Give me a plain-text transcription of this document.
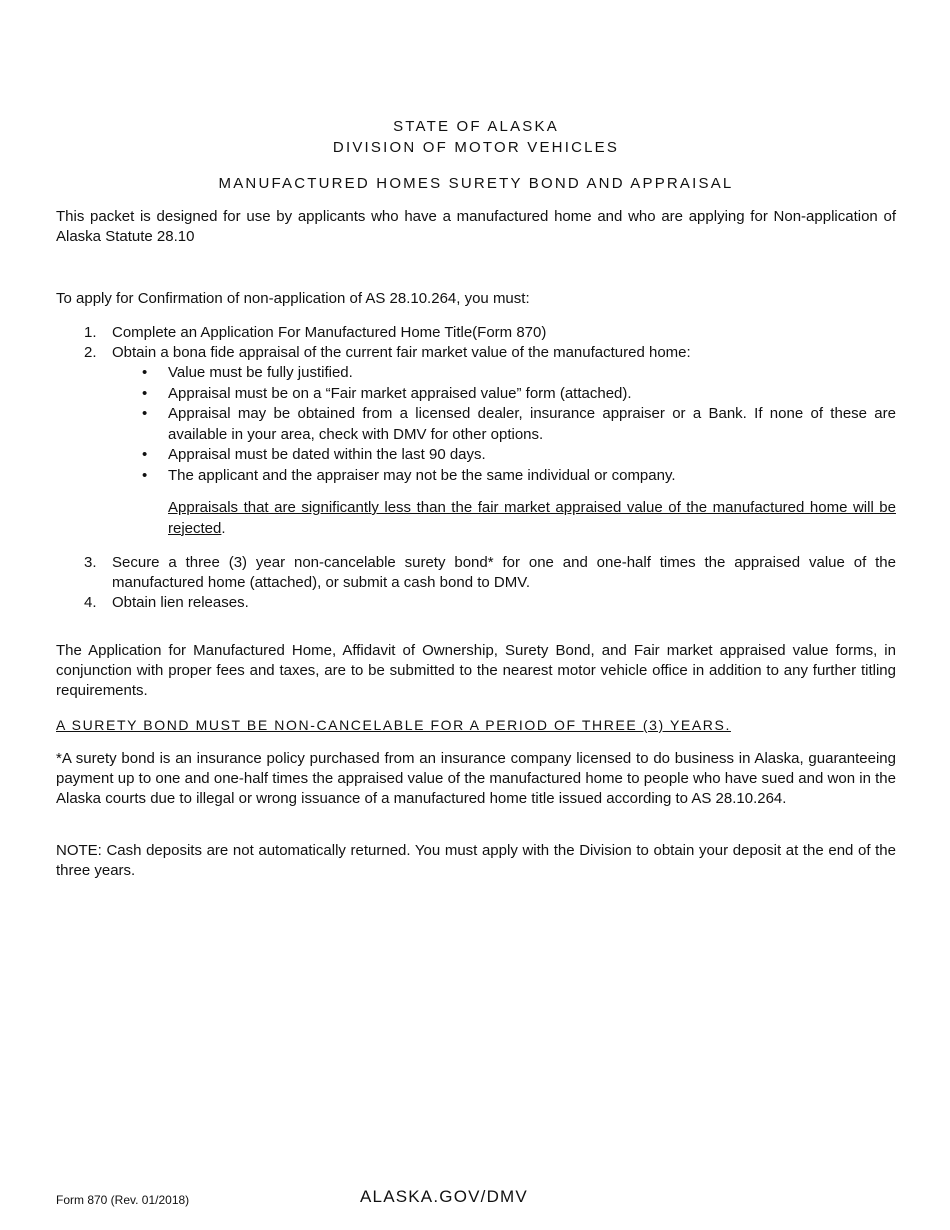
STATE OF ALASKA
DIVISION OF MOTOR VEHICLES
MANUFACTURED HOMES SURETY BOND AND APPRAISAL

This packet is designed for use by applicants who have a manufactured home and who are applying for Non-application of Alaska Statute 28.10

To apply for Confirmation of non-application of AS 28.10.264, you must:

1. Complete an Application For Manufactured Home Title(Form 870)
2. Obtain a bona fide appraisal of the current fair market value of the manufactured home:
• Value must be fully justified.
• Appraisal must be on a “Fair market appraised value” form (attached).
• Appraisal may be obtained from a licensed dealer, insurance appraiser or a Bank. If none of these are available in your area, check with DMV for other options.
• Appraisal must be dated within the last 90 days.
• The applicant and the appraiser may not be the same individual or company.
Appraisals that are significantly less than the fair market appraised value of the manufactured home will be rejected.
3. Secure a three (3) year non-cancelable surety bond* for one and one-half times the appraised value of the manufactured home (attached), or submit a cash bond to DMV.
4. Obtain lien releases.

The Application for Manufactured Home, Affidavit of Ownership, Surety Bond, and Fair market appraised value forms, in conjunction with proper fees and taxes, are to be submitted to the nearest motor vehicle office in addition to any further titling requirements.

A SURETY BOND MUST BE NON-CANCELABLE FOR A PERIOD OF THREE (3) YEARS.

*A surety bond is an insurance policy purchased from an insurance company licensed to do business in Alaska, guaranteeing payment up to one and one-half times the appraised value of the manufactured home to people who have sued and won in the Alaska courts due to illegal or wrong issuance of a manufactured home title issued according to AS 28.10.264.

NOTE: Cash deposits are not automatically returned. You must apply with the Division to obtain your deposit at the end of the three years.

Form 870 (Rev. 01/2018)	ALASKA.GOV/DMV
